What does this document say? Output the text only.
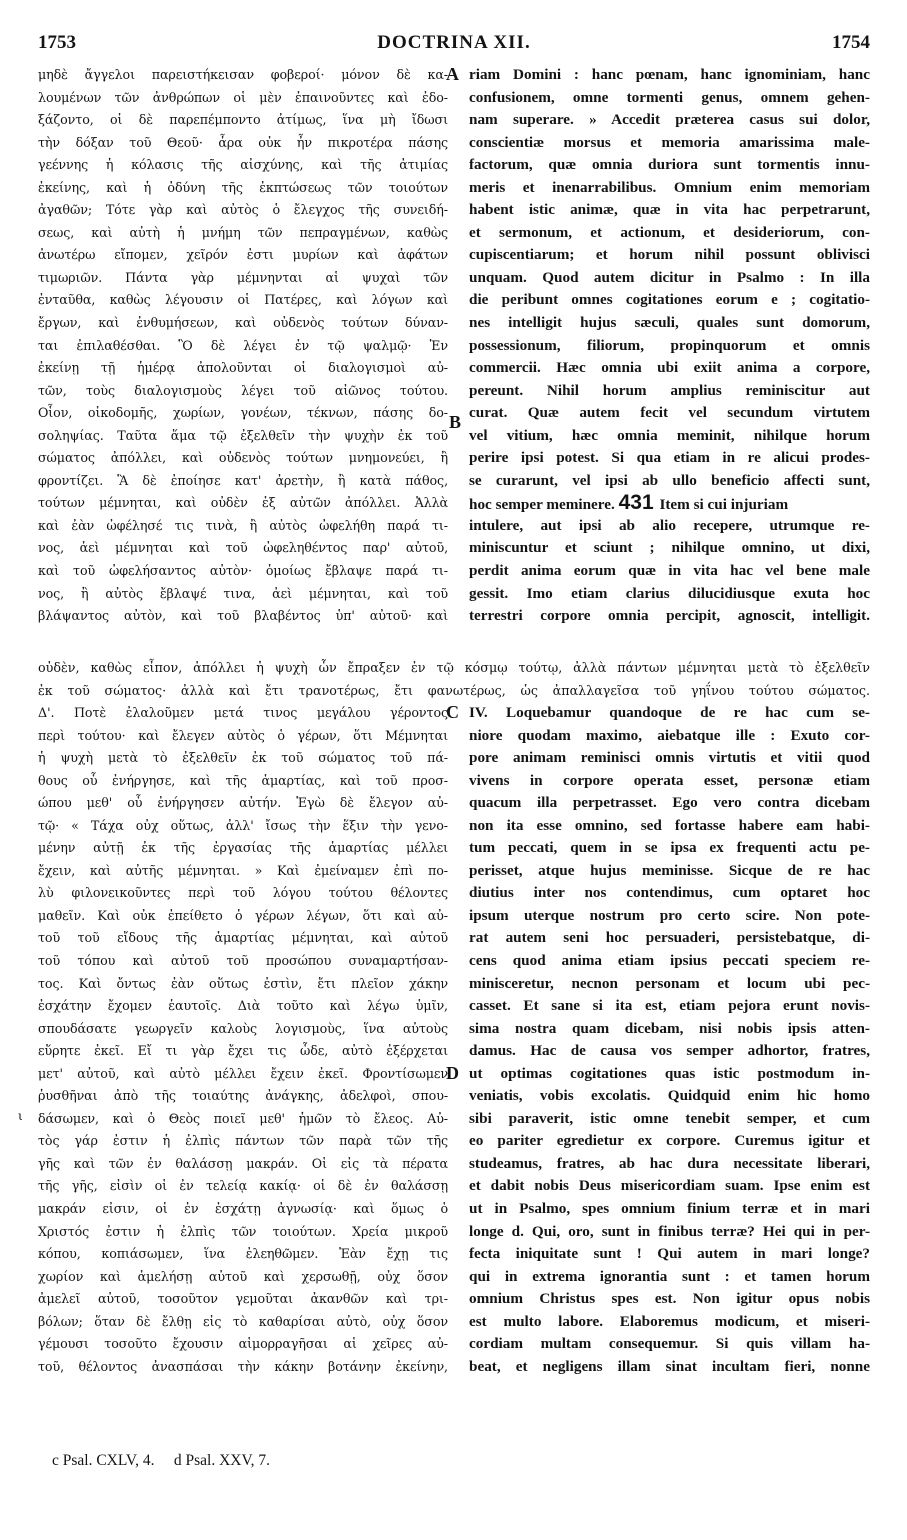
1753	DOCTRINA XII.	1754
μηδὲ ἄγγελοι παρειστήκεισαν φοβεροί· μόνον δὲ κα-
λουμένων τῶν ἀνθρώπων οἱ μὲν ἐπαινοῦντες καὶ ἐδο-
ξάζοντο, οἱ δὲ παρεπέμποντο ἀτίμως, ἵνα μὴ ἴδωσι
τὴν δόξαν τοῦ Θεοῦ· ἆρα οὐκ ἦν πικροτέρα πάσης
γεέννης ἡ κόλασις τῆς αἰσχύνης, καὶ τῆς ἀτιμίας
ἐκείνης, καὶ ἡ ὀδύνη τῆς ἐκπτώσεως τῶν τοιούτων
ἀγαθῶν; Τότε γὰρ καὶ αὐτὸς ὁ ἔλεγχος τῆς συνειδή-
σεως, καὶ αὐτὴ ἡ μνήμη τῶν πεπραγμένων, καθὼς
ἀνωτέρω εἴπομεν, χεῖρόν ἐστι μυρίων καὶ ἀφάτων
τιμωριῶν. Πάντα γὰρ μέμνηνται αἱ ψυχαὶ τῶν
ἐνταῦθα, καθὼς λέγουσιν οἱ Πατέρες, καὶ λόγων καὶ
ἔργων, καὶ ἐνθυμήσεων, καὶ οὐδενὸς τούτων δύναν-
ται ἐπιλαθέσθαι. Ὃ δὲ λέγει ἐν τῷ ψαλμῷ· Ἐν
ἐκείνῃ τῇ ἡμέρᾳ ἀπολοῦνται οἱ διαλογισμοὶ αὐ-
τῶν, τοὺς διαλογισμοὺς λέγει τοῦ αἰῶνος τούτου.
Οἷον, οἰκοδομῆς, χωρίων, γονέων, τέκνων, πάσης δο-
σοληψίας. Ταῦτα ἅμα τῷ ἐξελθεῖν τὴν ψυχὴν ἐκ τοῦ
σώματος ἀπόλλει, καὶ οὐδενὸς τούτων μνημονεύει, ἢ
φροντίζει. Ἃ δὲ ἐποίησε κατ' ἀρετὴν, ἢ κατὰ πάθος,
τούτων μέμνηται, καὶ οὐδὲν ἐξ αὐτῶν ἀπόλλει. Ἀλλὰ
καὶ ἐὰν ὠφέλησέ τις τινὰ, ἢ αὐτὸς ὠφελήθη παρά τι-
νος, ἀεὶ μέμνηται καὶ τοῦ ὠφεληθέντος παρ' αὐτοῦ,
καὶ τοῦ ὠφελήσαντος αὐτὸν· ὁμοίως ἔβλαψε παρά τι-
νος, ἢ αὐτὸς ἔβλαψέ τινα, ἀεὶ μέμνηται, καὶ τοῦ
βλάψαντος αὐτὸν, καὶ τοῦ βλαβέντος ὑπ' αὐτοῦ· καὶ
riam Domini : hanc pœnam, hanc ignominiam, hanc
confusionem, omne tormenti genus, omnem gehen-
nam superare. » Accedit præterea casus sui dolor,
conscientiæ morsus et memoria amarissima male-
factorum, quæ omnia duriora sunt tormentis innu-
meris et inenarrabilibus. Omnium enim memoriam
habent istic animæ, quæ in vita hac perpetrarunt,
et sermonum, et actionum, et desideriorum, con-
cupiscentiarum; et horum nihil possunt oblivisci
unquam. Quod autem dicitur in Psalmo : In illa
die peribunt omnes cogitationes eorum e ; cogitatio-
nes intelligit hujus sæculi, quales sunt domorum,
possessionum, filiorum, propinquorum et omnis
commercii. Hæc omnia ubi exiit anima a corpore,
pereunt. Nihil horum amplius reminiscitur aut
curat. Quæ autem fecit vel secundum virtutem
vel vitium, hæc omnia meminit, nihilque horum
perire ipsi potest. Si qua etiam in re alicui prodes-
se curarunt, vel ipsi ab ullo beneficio affecti sunt,
hoc semper meminere. 431 Item si cui injuriam
intulere, aut ipsi ab alio recepere, utrumque re-
miniscuntur et sciunt ; nihilque omnino, ut dixi,
perdit anima eorum quæ in vita hac vel bene male
gessit. Imo etiam clarius dilucidiusque exuta hoc
terrestri corpore omnia percipit, agnoscit, intelligit.
A
B
C
D
οὐδὲν, καθὼς εἶπον, ἀπόλλει ἡ ψυχὴ ὧν ἔπραξεν ἐν τῷ κόσμῳ τούτῳ, ἀλλὰ πάντων μέμνηται μετὰ τὸ ἐξελθεῖν
ἐκ τοῦ σώματος· ἀλλὰ καὶ ἔτι τρανοτέρως, ἔτι φανωτέρως, ὡς ἀπαλλαγεῖσα τοῦ γηΐνου τούτου σώματος.
Δ'. Ποτὲ ἐλαλοῦμεν μετά τινος μεγάλου γέροντος
περὶ τούτου· καὶ ἔλεγεν αὐτὸς ὁ γέρων, ὅτι Μέμνηται
ἡ ψυχὴ μετὰ τὸ ἐξελθεῖν ἐκ τοῦ σώματος τοῦ πά-
θους οὗ ἐνήργησε, καὶ τῆς ἁμαρτίας, καὶ τοῦ προσ-
ώπου μεθ' οὗ ἐνήργησεν αὐτήν. Ἐγὼ δὲ ἔλεγον αὐ-
τῷ· « Τάχα οὐχ οὕτως, ἀλλ' ἴσως τὴν ἕξιν τὴν γενο-
μένην αὐτῇ ἐκ τῆς ἐργασίας τῆς ἁμαρτίας μέλλει
ἔχειν, καὶ αὐτῆς μέμνηται. » Καὶ ἐμείναμεν ἐπὶ πο-
λὺ φιλονεικοῦντες περὶ τοῦ λόγου τούτου θέλοντες
μαθεῖν. Καὶ οὐκ ἐπείθετο ὁ γέρων λέγων, ὅτι καὶ αὐ-
τοῦ τοῦ εἴδους τῆς ἁμαρτίας μέμνηται, καὶ αὐτοῦ
τοῦ τόπου καὶ αὐτοῦ τοῦ προσώπου συναμαρτήσαν-
τος. Καὶ ὄντως ἐὰν οὕτως ἐστὶν, ἔτι πλεῖον χάκην
ἐσχάτην ἔχομεν ἑαυτοῖς. Διὰ τοῦτο καὶ λέγω ὑμῖν,
σπουδάσατε γεωργεῖν καλοὺς λογισμοὺς, ἵνα αὐτοὺς
εὕρητε ἐκεῖ. Εἴ τι γὰρ ἔχει τις ὧδε, αὐτὸ ἐξέρχεται
μετ' αὐτοῦ, καὶ αὐτὸ μέλλει ἔχειν ἐκεῖ. Φροντίσωμεν
ῥυσθῆναι ἀπὸ τῆς τοιαύτης ἀνάγκης, ἀδελφοὶ, σπου-
δάσωμεν, καὶ ὁ Θεὸς ποιεῖ μεθ' ἡμῶν τὸ ἔλεος. Αὐ-
τὸς γάρ ἐστιν ἡ ἐλπὶς πάντων τῶν παρὰ τῶν τῆς
γῆς καὶ τῶν ἐν θαλάσσῃ μακράν. Οἱ εἰς τὰ πέρατα
τῆς γῆς, εἰσὶν οἱ ἐν τελείᾳ κακίᾳ· οἱ δὲ ἐν θαλάσσῃ
μακράν εἰσιν, οἱ ἐν ἐσχάτῃ ἀγνωσίᾳ· καὶ ὅμως ὁ
Χριστός ἐστιν ἡ ἐλπὶς τῶν τοιούτων. Χρεία μικροῦ
κόπου, κοπιάσωμεν, ἵνα ἐλεηθῶμεν. Ἐὰν ἔχῃ τις
χωρίον καὶ ἀμελήσῃ αὐτοῦ καὶ χερσωθῇ, οὐχ ὅσον
ἀμελεῖ αὐτοῦ, τοσοῦτον γεμοῦται ἀκανθῶν καὶ τρι-
βόλων; ὅταν δὲ ἔλθῃ εἰς τὸ καθαρίσαι αὐτὸ, οὐχ ὅσον
γέμουσι τοσοῦτο ἔχουσιν αἱμορραγῆσαι αἱ χεῖρες αὐ-
τοῦ, θέλοντος ἀνασπάσαι τὴν κάκην βοτάνην ἐκείνην,
IV. Loquebamur quandoque de re hac cum se-
niore quodam maximo, aiebatque ille : Exuto cor-
pore animam reminisci omnis virtutis et vitii quod
vivens in corpore operata esset, personæ etiam
quacum illa perpetrasset. Ego vero contra dicebam
non ita esse omnino, sed fortasse habere eam habi-
tum peccati, quem in se ipsa ex frequenti actu pe-
perisset, atque hujus meminisse. Sicque de re hac
diutius inter nos contendimus, cum optaret hoc
ipsum uterque nostrum pro certo scire. Non pote-
rat autem seni hoc persuaderi, persistebatque, di-
cens quod anima etiam ipsius peccati speciem re-
minisceretur, necnon personam et locum ubi pec-
casset. Et sane si ita est, etiam pejora erunt novis-
sima nostra quam dicebam, nisi nobis ipsis atten-
damus. Hac de causa vos semper adhortor, fratres,
ut optimas cogitationes quas istic postmodum in-
veniatis, vobis excolatis. Quidquid enim hic homo
sibi paraverit, istic omne tenebit semper, et cum
eo pariter egredietur ex corpore. Curemus igitur et
studeamus, fratres, ab hac dura necessitate liberari,
et dabit nobis Deus misericordiam suam. Ipse enim est
ut in Psalmo, spes omnium finium terræ et in mari
longe d. Qui, oro, sunt in finibus terræ? Hei qui in per-
fecta iniquitate sunt ! Qui autem in mari longe?
qui in extrema ignorantia sunt : et tamen horum
omnium Christus spes est. Non igitur opus nobis
est multo labore. Elaboremus modicum, et miseri-
cordiam multam consequemur. Si quis villam ha-
beat, et negligens illam sinat incultam fieri, nonne
ι
c Psal. CXLV, 4. d Psal. XXV, 7.
